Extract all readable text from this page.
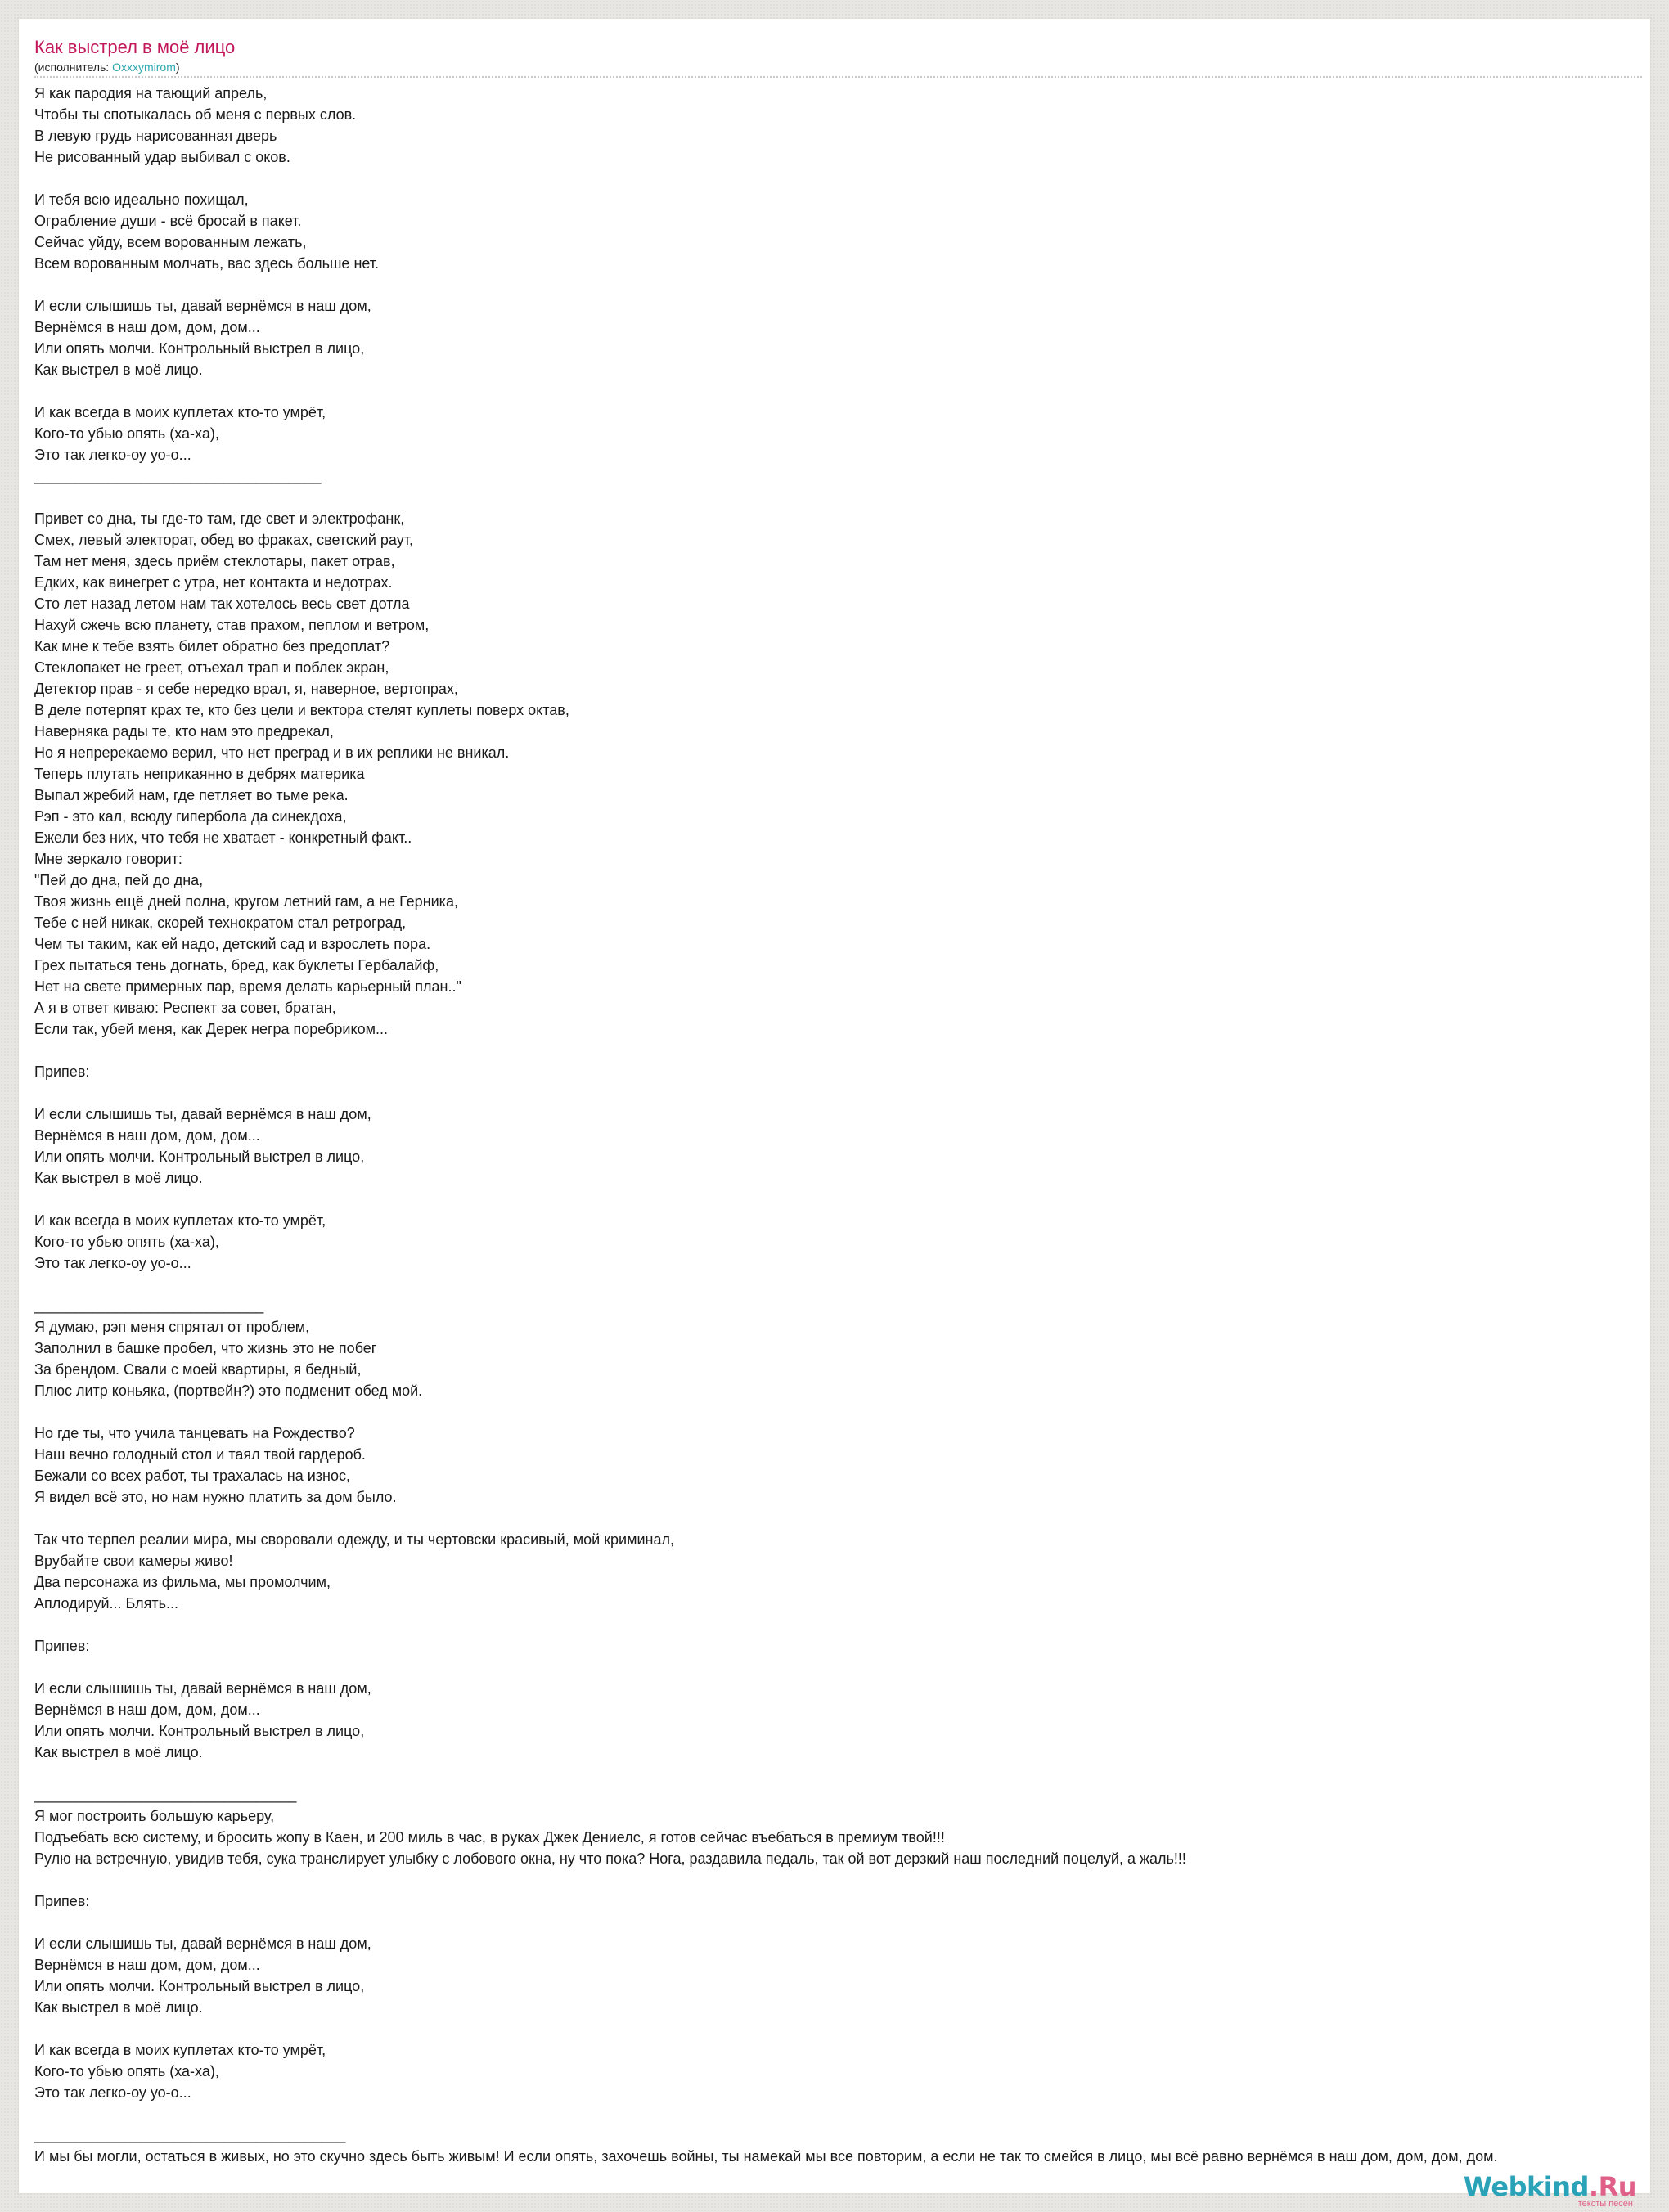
Как выстрел в моё лицо
(исполнитель: Oxxxymirom)
Я как пародия на тающий апрель,
Чтобы ты спотыкалась об меня с первых слов.
В левую грудь нарисованная дверь
Не рисованный удар выбивал с оков.

И тебя всю идеально похищал,
Ограбление души - всё бросай в пакет.
Сейчас уйду, всем ворованным лежать,
Всем ворованным молчать, вас здесь больше нет.

И если слышишь ты, давай вернёмся в наш дом,
Вернёмся в наш дом, дом, дом...
Или опять молчи. Контрольный выстрел в лицо,
Как выстрел в моё лицо.

И как всегда в моих куплетах кто-то умрёт,
Кого-то убью опять (ха-ха),
Это так легко-оу уо-о...
___________________________________

Привет со дна, ты где-то там, где свет и электрофанк,
Смех, левый электорат, обед во фраках, светский раут,
Там нет меня, здесь приём стеклотары, пакет отрав,
Едких, как винегрет с утра, нет контакта и недотрах.
Сто лет назад летом нам так хотелось весь свет дотла
Нахуй сжечь всю планету, став прахом, пеплом и ветром,
Как мне к тебе взять билет обратно без предоплат?
Стеклопакет не греет, отъехал трап и поблек экран,
Детектор прав - я себе нередко врал, я, наверное, вертопрах,
В деле потерпят крах те, кто без цели и вектора стелят куплеты поверх октав,
Наверняка рады те, кто нам это предрекал,
Но я непререкаемо верил, что нет преград и в их реплики не вникал.
Теперь плутать неприкаянно в дебрях материка
Выпал жребий нам, где петляет во тьме река.
Рэп - это кал, всюду гипербола да синекдоха,
Ежели без них, что тебя не хватает - конкретный факт..
Мне зеркало говорит:
"Пей до дна, пей до дна,
Твоя жизнь ещё дней полна, кругом летний гам, а не Герника,
Тебе с ней никак, скорей технократом стал ретроград,
Чем ты таким, как ей надо, детский сад и взрослеть пора.
Грех пытаться тень догнать, бред, как буклеты Гербалайф,
Нет на свете примерных пар, время делать карьерный план.."
А я в ответ киваю: Респект за совет, братан,
Если так, убей меня, как Дерек негра поребриком...

Припев:

И если слышишь ты, давай вернёмся в наш дом,
Вернёмся в наш дом, дом, дом...
Или опять молчи. Контрольный выстрел в лицо,
Как выстрел в моё лицо.

И как всегда в моих куплетах кто-то умрёт,
Кого-то убью опять (ха-ха),
Это так легко-оу уо-о...

____________________________
Я думаю, рэп меня спрятал от проблем,
Заполнил в башке пробел, что жизнь это не побег
За брендом. Свали с моей квартиры, я бедный,
Плюс литр коньяка, (портвейн?) это подменит обед мой.

Но где ты, что учила танцевать на Рождество?
Наш вечно голодный стол и таял твой гардероб.
Бежали со всех работ, ты трахалась на износ,
Я видел всё это, но нам нужно платить за дом было.

Так что терпел реалии мира, мы своровали одежду, и ты чертовски красивый, мой криминал,
Врубайте свои камеры живо!
Два персонажа из фильма, мы промолчим,
Аплодируй... Блять...

Припев:

И если слышишь ты, давай вернёмся в наш дом,
Вернёмся в наш дом, дом, дом...
Или опять молчи. Контрольный выстрел в лицо,
Как выстрел в моё лицо.

________________________________
Я мог построить большую карьеру,
Подъебать всю систему, и бросить жопу в Каен, и 200 миль в час, в руках Джек Дениелс, я готов сейчас въебаться в премиум твой!!!
Рулю на встречную, увидив тебя, сука транслирует улыбку с лобового окна, ну что пока? Нога, раздавила педаль, так ой вот дерзкий наш последний поцелуй, а жаль!!!

Припев:

И если слышишь ты, давай вернёмся в наш дом,
Вернёмся в наш дом, дом, дом...
Или опять молчи. Контрольный выстрел в лицо,
Как выстрел в моё лицо.

И как всегда в моих куплетах кто-то умрёт,
Кого-то убью опять (ха-ха),
Это так легко-оу уо-о...

______________________________________
И мы бы могли, остаться в живых, но это скучно здесь быть живым! И если опять, захочешь войны, ты намекай мы все повторим, а если не так то смейся в лицо, мы всё равно вернёмся в наш дом, дом, дом, дом.
Webkind.Ru
тексты песен
